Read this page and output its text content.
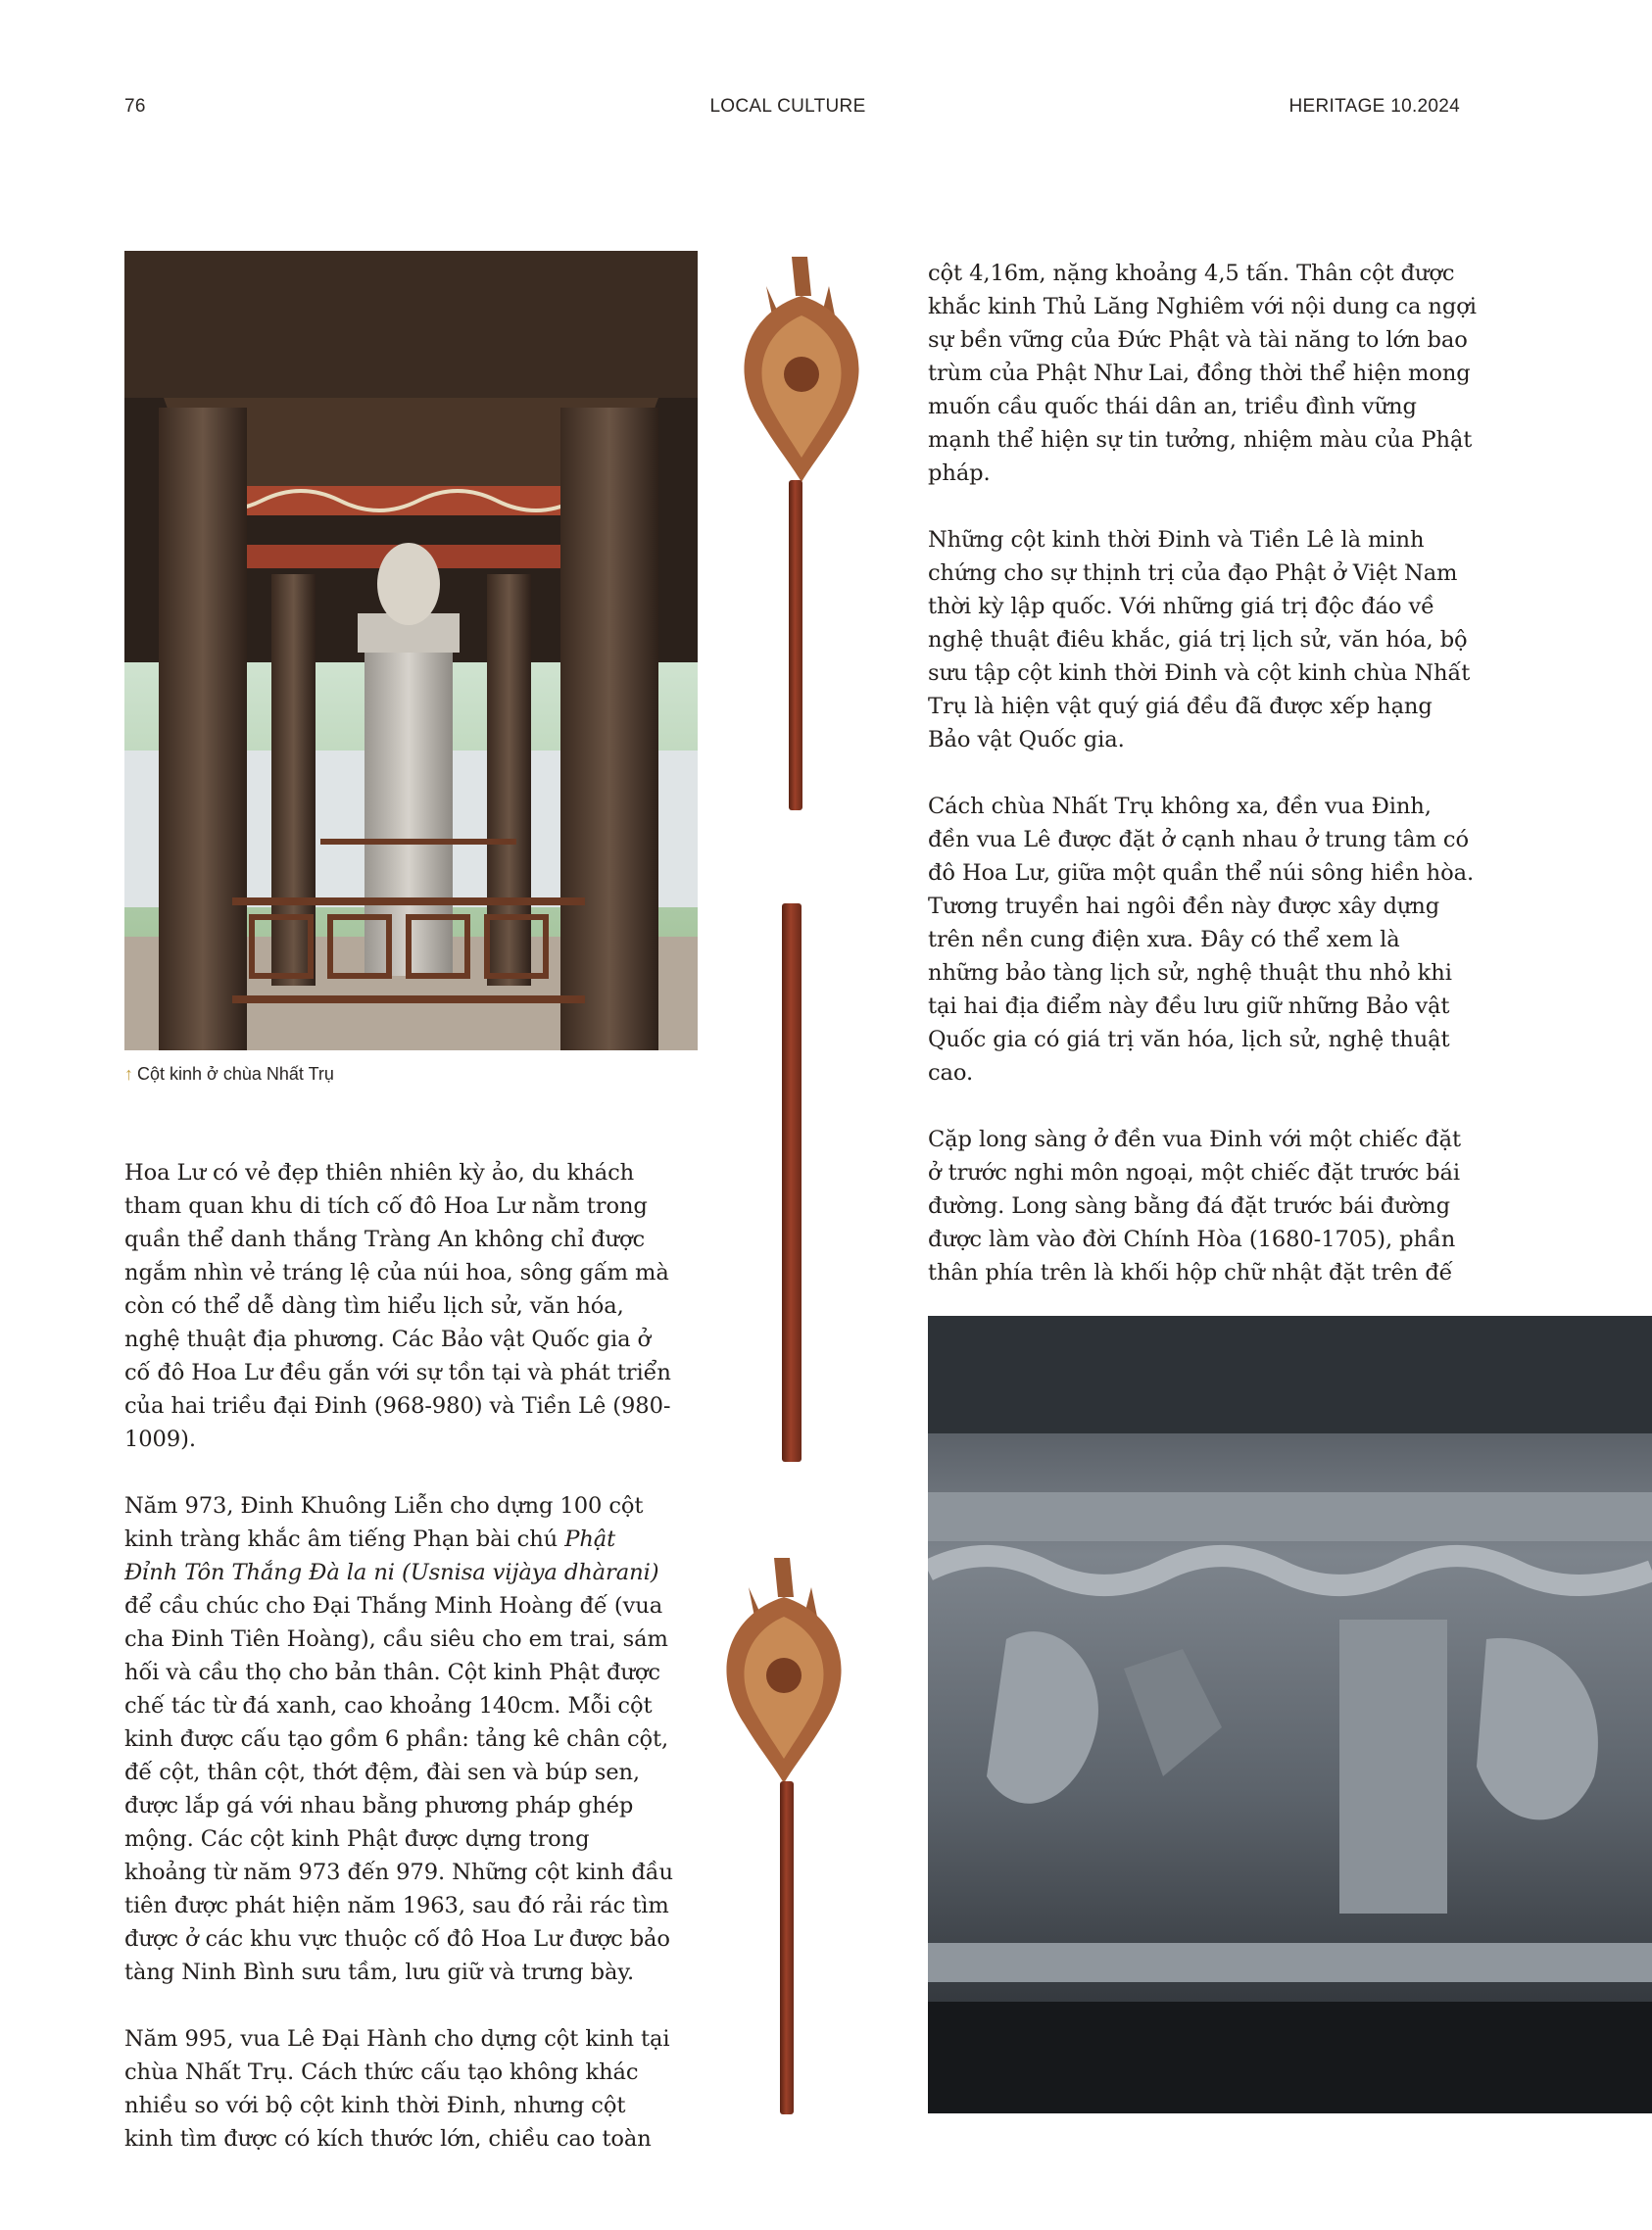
76	LOCAL CULTURE	HERITAGE 10.2024
↑ Cột kinh ở chùa Nhất Trụ

Hoa Lư có vẻ đẹp thiên nhiên kỳ ảo, du khách tham quan khu di tích cố đô Hoa Lư nằm trong quần thể danh thắng Tràng An không chỉ được ngắm nhìn vẻ tráng lệ của núi hoa, sông gấm mà còn có thể dễ dàng tìm hiểu lịch sử, văn hóa, nghệ thuật địa phương. Các Bảo vật Quốc gia ở cố đô Hoa Lư đều gắn với sự tồn tại và phát triển của hai triều đại Đinh (968-980) và Tiền Lê (980-1009).

Năm 973, Đinh Khuông Liễn cho dựng 100 cột kinh tràng khắc âm tiếng Phạn bài chú Phật Đỉnh Tôn Thắng Đà la ni (Usnisa vijàya dhàrani) để cầu chúc cho Đại Thắng Minh Hoàng đế (vua cha Đinh Tiên Hoàng), cầu siêu cho em trai, sám hối và cầu thọ cho bản thân. Cột kinh Phật được chế tác từ đá xanh, cao khoảng 140cm. Mỗi cột kinh được cấu tạo gồm 6 phần: tảng kê chân cột, đế cột, thân cột, thớt đệm, đài sen và búp sen, được lắp gá với nhau bằng phương pháp ghép mộng. Các cột kinh Phật được dựng trong khoảng từ năm 973 đến 979. Những cột kinh đầu tiên được phát hiện năm 1963, sau đó rải rác tìm được ở các khu vực thuộc cố đô Hoa Lư được bảo tàng Ninh Bình sưu tầm, lưu giữ và trưng bày.

Năm 995, vua Lê Đại Hành cho dựng cột kinh tại chùa Nhất Trụ. Cách thức cấu tạo không khác nhiều so với bộ cột kinh thời Đinh, nhưng cột kinh tìm được có kích thước lớn, chiều cao toàn

cột 4,16m, nặng khoảng 4,5 tấn. Thân cột được khắc kinh Thủ Lăng Nghiêm với nội dung ca ngợi sự bền vững của Đức Phật và tài năng to lớn bao trùm của Phật Như Lai, đồng thời thể hiện mong muốn cầu quốc thái dân an, triều đình vững mạnh thể hiện sự tin tưởng, nhiệm màu của Phật pháp.

Những cột kinh thời Đinh và Tiền Lê là minh chứng cho sự thịnh trị của đạo Phật ở Việt Nam thời kỳ lập quốc. Với những giá trị độc đáo về nghệ thuật điêu khắc, giá trị lịch sử, văn hóa, bộ sưu tập cột kinh thời Đinh và cột kinh chùa Nhất Trụ là hiện vật quý giá đều đã được xếp hạng Bảo vật Quốc gia.

Cách chùa Nhất Trụ không xa, đền vua Đinh, đền vua Lê được đặt ở cạnh nhau ở trung tâm có đô Hoa Lư, giữa một quần thể núi sông hiền hòa. Tương truyền hai ngôi đền này được xây dựng trên nền cung điện xưa. Đây có thể xem là những bảo tàng lịch sử, nghệ thuật thu nhỏ khi tại hai địa điểm này đều lưu giữ những Bảo vật Quốc gia có giá trị văn hóa, lịch sử, nghệ thuật cao.

Cặp long sàng ở đền vua Đinh với một chiếc đặt ở trước nghi môn ngoại, một chiếc đặt trước bái đường. Long sàng bằng đá đặt trước bái đường được làm vào đời Chính Hòa (1680-1705), phần thân phía trên là khối hộp chữ nhật đặt trên đế
